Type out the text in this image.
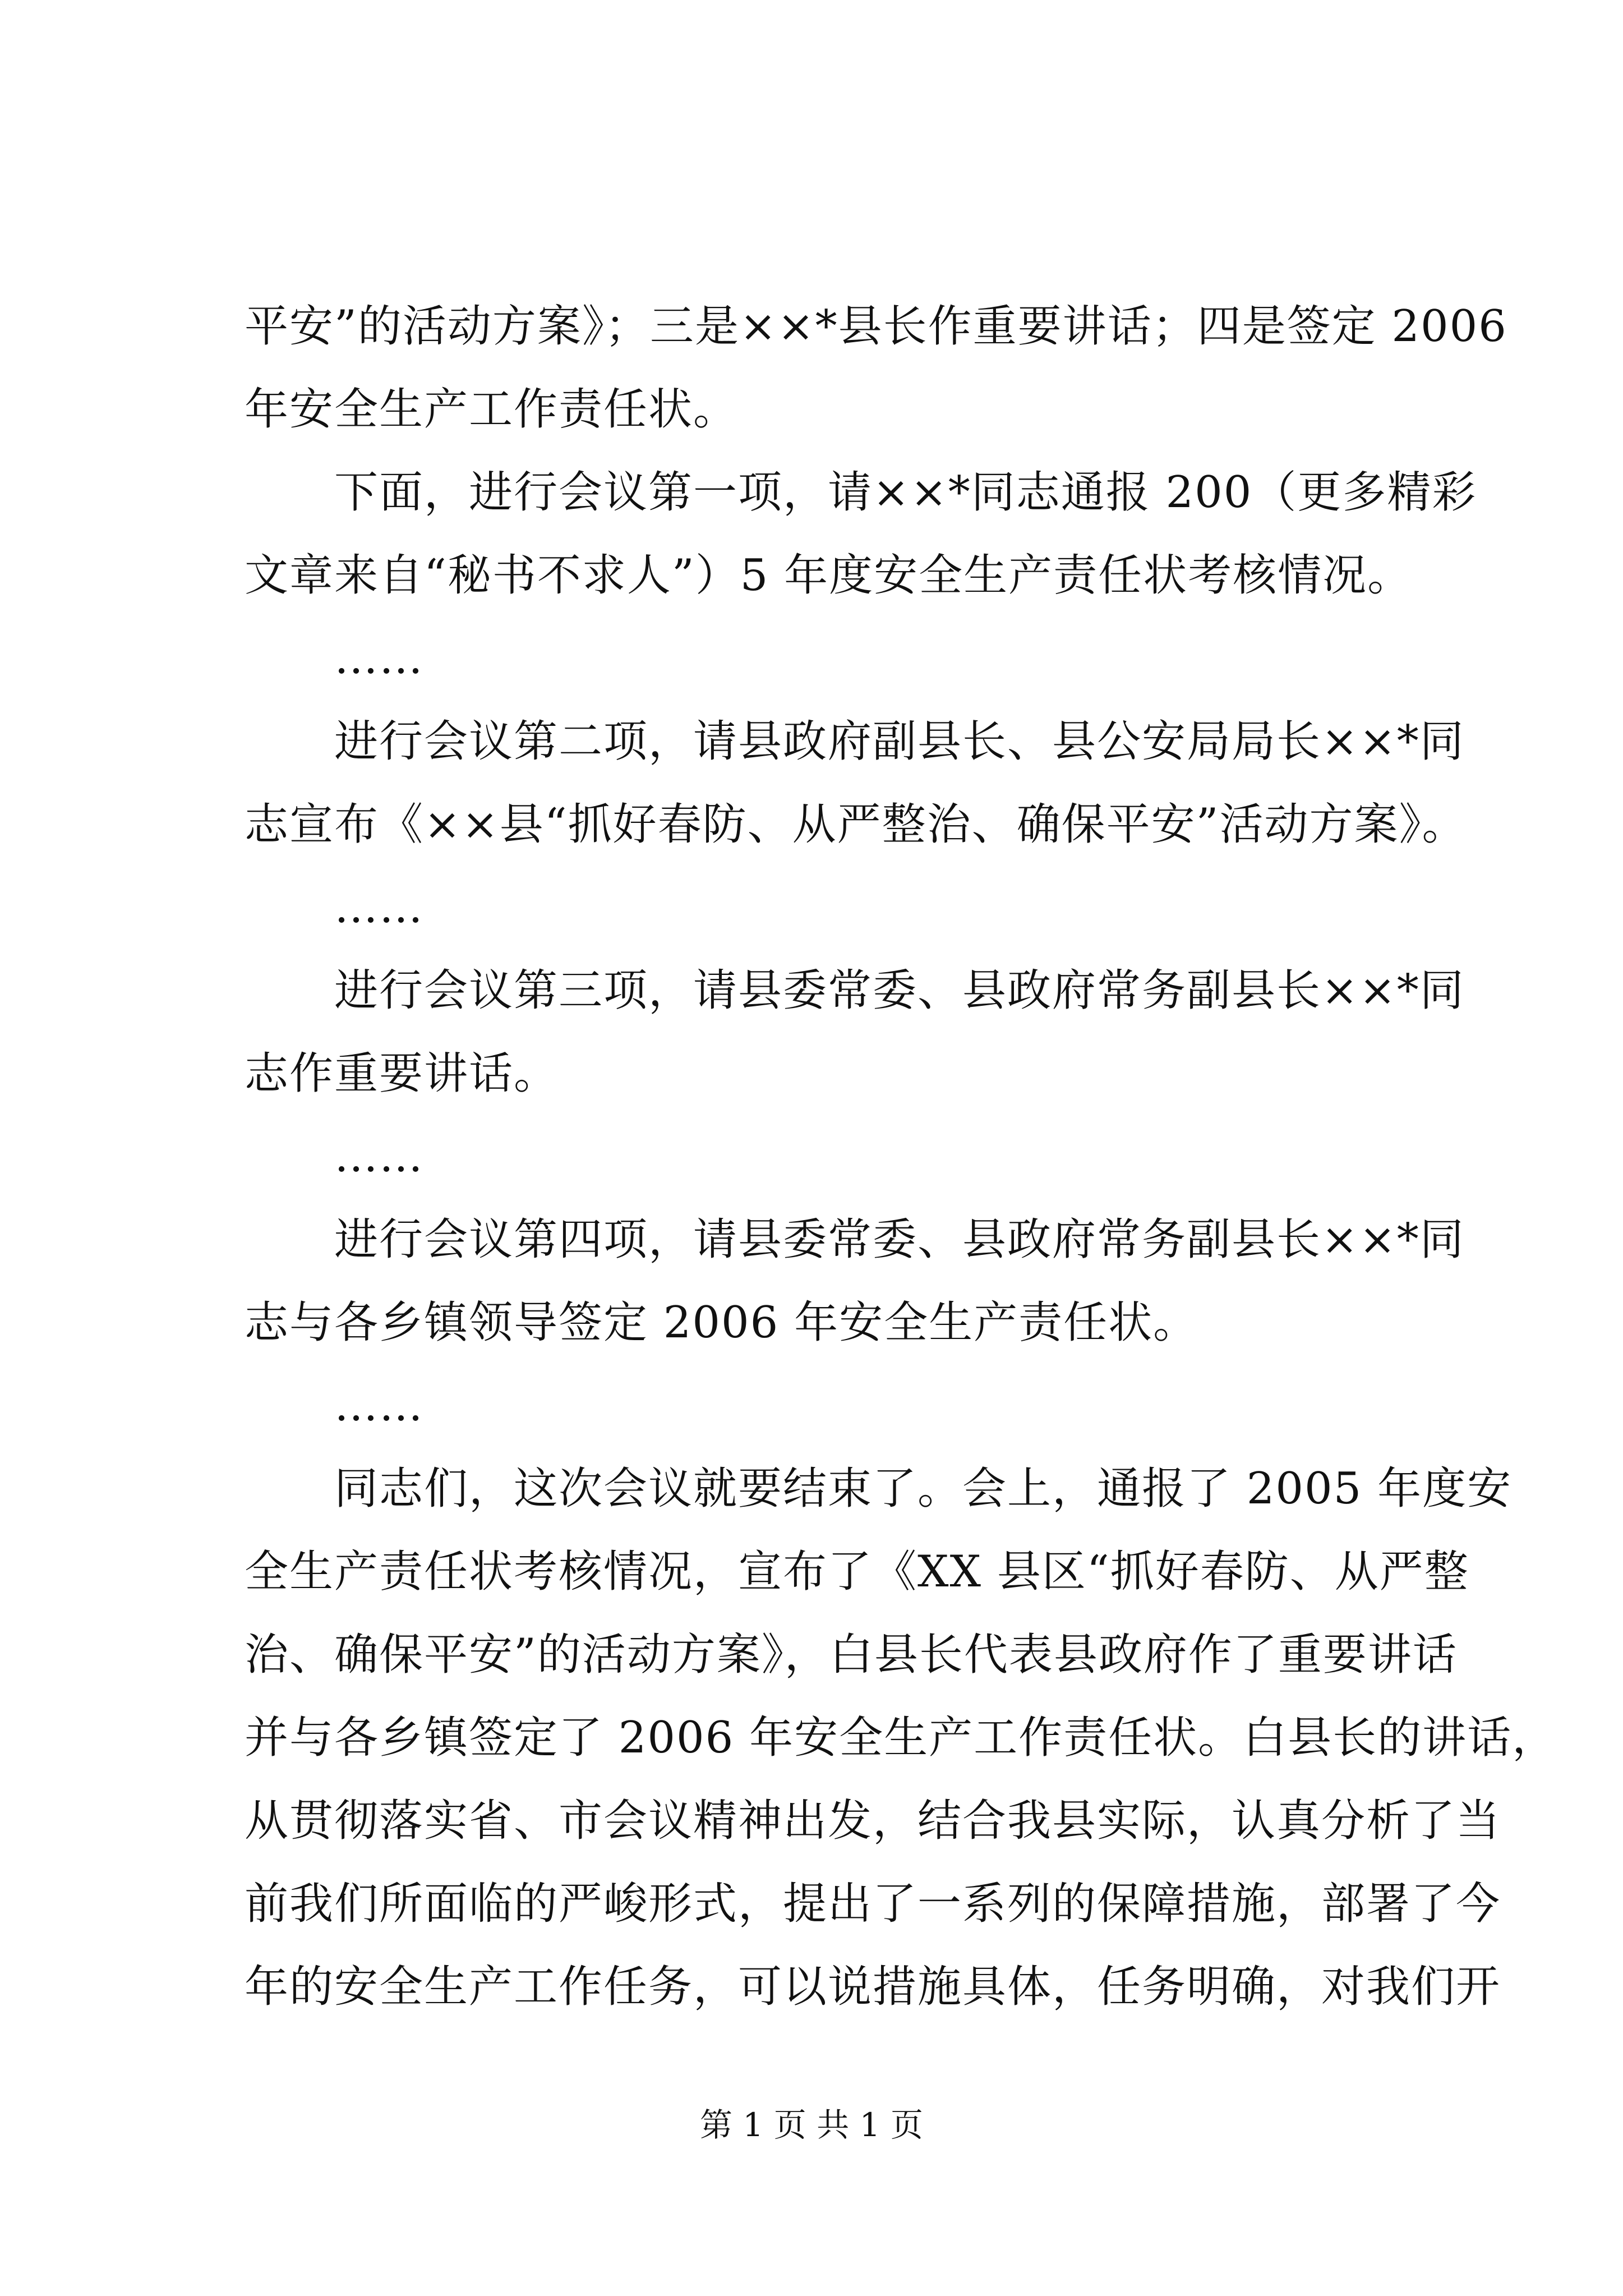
平安”的活动方案》；三是××*县长作重要讲话；四是签定 2006
年安全生产工作责任状。
下面，进行会议第一项，请××*同志通报 200（更多精彩
文章来自“秘书不求人”）5 年度安全生产责任状考核情况。
……
进行会议第二项，请县政府副县长、县公安局局长××*同
志宣布《××县“抓好春防、从严整治、确保平安”活动方案》。
……
进行会议第三项，请县委常委、县政府常务副县长××*同
志作重要讲话。
……
进行会议第四项，请县委常委、县政府常务副县长××*同
志与各乡镇领导签定 2006 年安全生产责任状。
……
同志们，这次会议就要结束了。会上，通报了 2005 年度安
全生产责任状考核情况，宣布了《XX 县区“抓好春防、从严整
治、确保平安”的活动方案》，白县长代表县政府作了重要讲话
并与各乡镇签定了 2006 年安全生产工作责任状。白县长的讲话，
从贯彻落实省、市会议精神出发，结合我县实际，认真分析了当
前我们所面临的严峻形式，提出了一系列的保障措施，部署了今
年的安全生产工作任务，可以说措施具体，任务明确，对我们开
第 1 页 共 1 页
